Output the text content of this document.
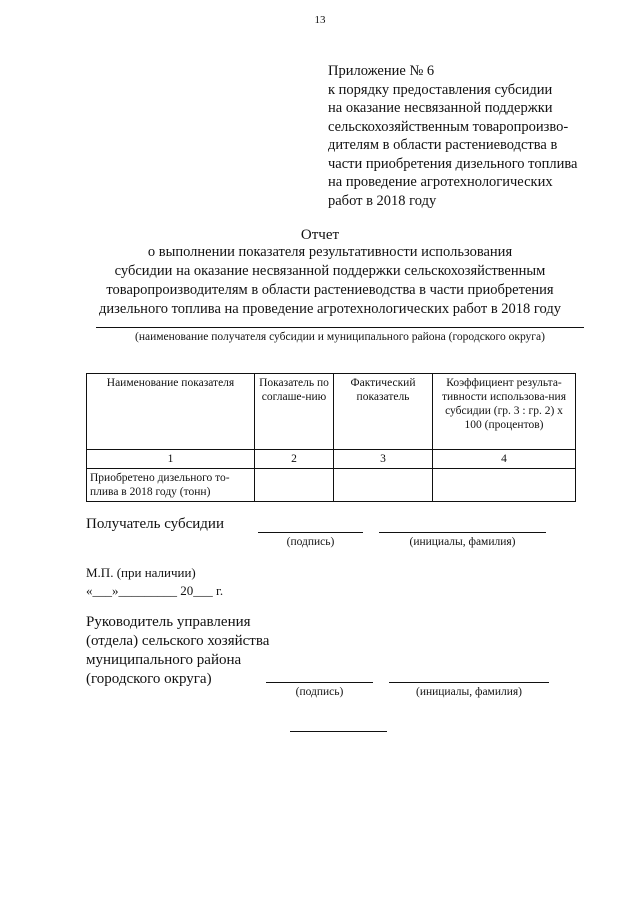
13
Приложение № 6
к порядку предоставления субсидии
на оказание несвязанной поддержки
сельскохозяйственным товаропроизво-
дителям в области растениеводства в
части приобретения дизельного топлива
на проведение агротехнологических
работ в 2018 году
Отчет
о выполнении показателя результативности использования
субсидии на оказание несвязанной поддержки сельскохозяйственным
товаропроизводителям в области растениеводства в части приобретения
дизельного топлива на проведение агротехнологических работ в 2018 году
(наименование получателя субсидии и муниципального района (городского округа)
Наименование показателя	Показатель по соглаше-нию	Фактический показатель	Коэффициент результа-тивности использова-ния субсидии (гр. 3 : гр. 2) х 100 (процентов)
1	2	3	4
Приобретено дизельного то-плива в 2018 году (тонн)			
Получатель субсидии
(подпись)	(инициалы, фамилия)
М.П. (при наличии)
«___»_________ 20___ г.
Руководитель управления
(отдела) сельского хозяйства
муниципального района
(городского округа)
(подпись)	(инициалы, фамилия)
